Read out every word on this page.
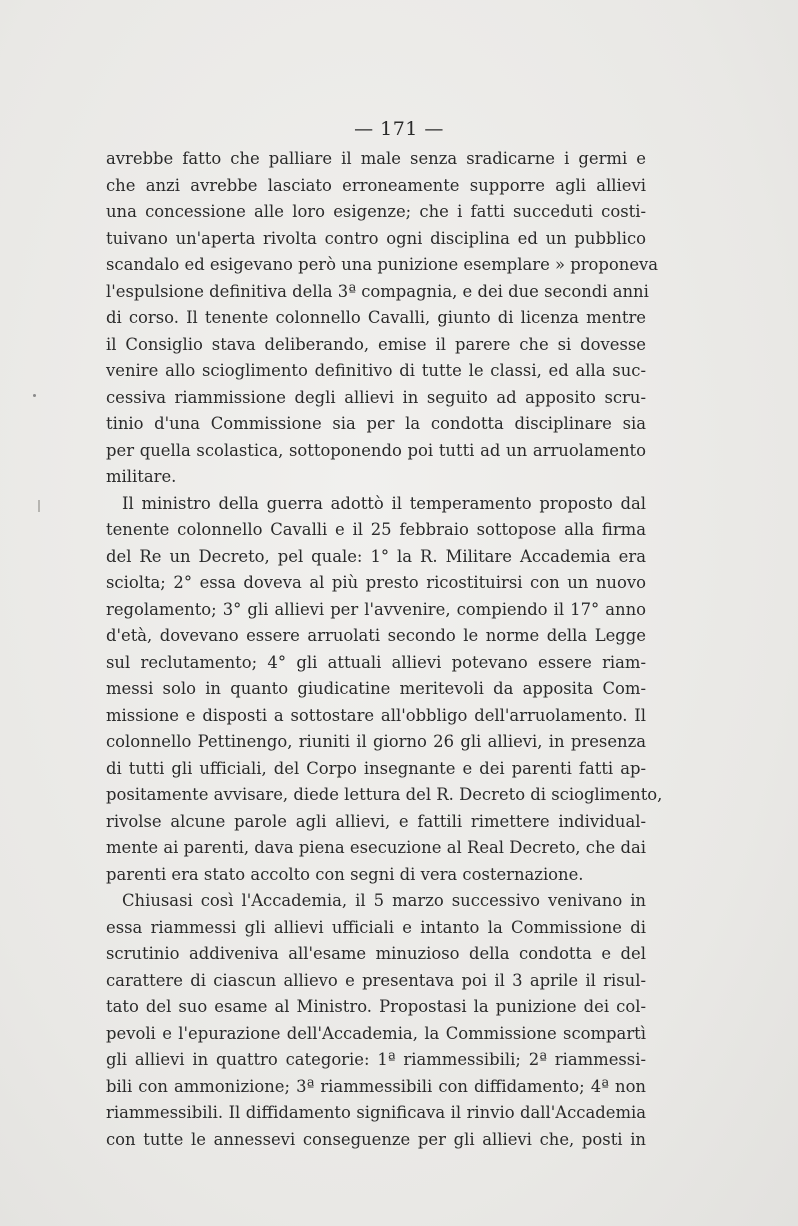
— 171 —
avrebbe fatto che palliare il male senza sradicarne i germi e
che anzi avrebbe lasciato erroneamente supporre agli allievi
una concessione alle loro esigenze; che i fatti succeduti costi-
tuivano un'aperta rivolta contro ogni disciplina ed un pubblico
scandalo ed esigevano però una punizione esemplare » proponeva
l'espulsione definitiva della 3ª compagnia, e dei due secondi anni
di corso. Il tenente colonnello Cavalli, giunto di licenza mentre
il Consiglio stava deliberando, emise il parere che si dovesse
venire allo scioglimento definitivo di tutte le classi, ed alla suc-
cessiva riammissione degli allievi in seguito ad apposito scru-
tinio d'una Commissione sia per la condotta disciplinare sia
per quella scolastica, sottoponendo poi tutti ad un arruolamento
militare.
Il ministro della guerra adottò il temperamento proposto dal
tenente colonnello Cavalli e il 25 febbraio sottopose alla firma
del Re un Decreto, pel quale: 1° la R. Militare Accademia era
sciolta; 2° essa doveva al più presto ricostituirsi con un nuovo
regolamento; 3° gli allievi per l'avvenire, compiendo il 17° anno
d'età, dovevano essere arruolati secondo le norme della Legge
sul reclutamento; 4° gli attuali allievi potevano essere riam-
messi solo in quanto giudicatine meritevoli da apposita Com-
missione e disposti a sottostare all'obbligo dell'arruolamento. Il
colonnello Pettinengo, riuniti il giorno 26 gli allievi, in presenza
di tutti gli ufficiali, del Corpo insegnante e dei parenti fatti ap-
positamente avvisare, diede lettura del R. Decreto di scioglimento,
rivolse alcune parole agli allievi, e fattili rimettere individual-
mente ai parenti, dava piena esecuzione al Real Decreto, che dai
parenti era stato accolto con segni di vera costernazione.
Chiusasi così l'Accademia, il 5 marzo successivo venivano in
essa riammessi gli allievi ufficiali e intanto la Commissione di
scrutinio addiveniva all'esame minuzioso della condotta e del
carattere di ciascun allievo e presentava poi il 3 aprile il risul-
tato del suo esame al Ministro. Propostasi la punizione dei col-
pevoli e l'epurazione dell'Accademia, la Commissione scompartì
gli allievi in quattro categorie: 1ª riammessibili; 2ª riammessi-
bili con ammonizione; 3ª riammessibili con diffidamento; 4ª non
riammessibili. Il diffidamento significava il rinvio dall'Accademia
con tutte le annessevi conseguenze per gli allievi che, posti in
